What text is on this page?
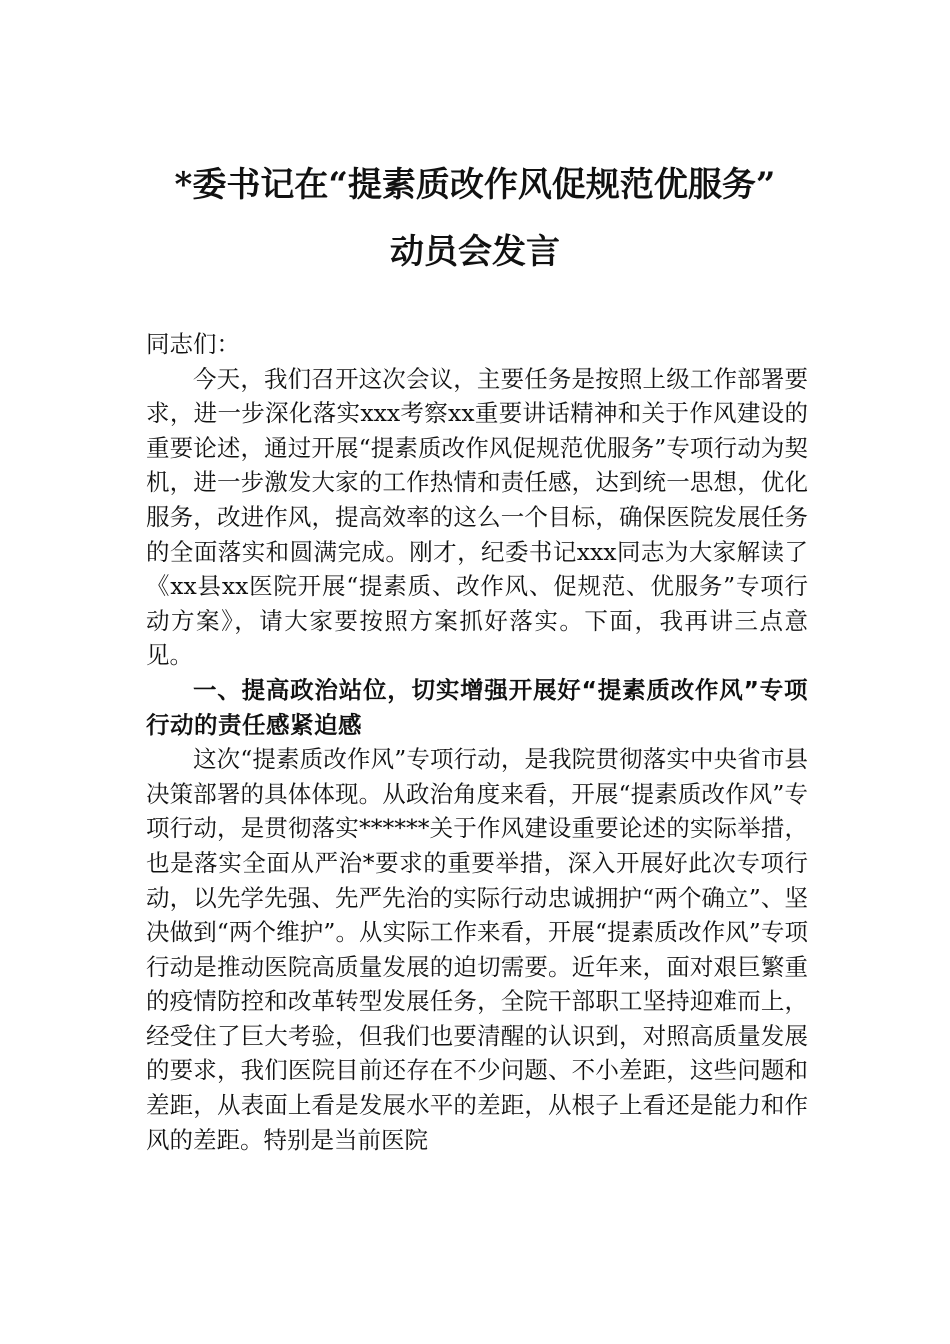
*委书记在“提素质改作风促规范优服务”
动员会发言

同志们：

今天，我们召开这次会议，主要任务是按照上级工作部署要求，进一步深化落实xxx考察xx重要讲话精神和关于作风建设的重要论述，通过开展“提素质改作风促规范优服务”专项行动为契机，进一步激发大家的工作热情和责任感，达到统一思想，优化服务，改进作风，提高效率的这么一个目标，确保医院发展任务的全面落实和圆满完成。刚才，纪委书记xxx同志为大家解读了《xx县xx医院开展“提素质、改作风、促规范、优服务”专项行动方案》，请大家要按照方案抓好落实。下面，我再讲三点意见。

一、提高政治站位，切实增强开展好“提素质改作风”专项行动的责任感紧迫感

这次“提素质改作风”专项行动，是我院贯彻落实中央省市县决策部署的具体体现。从政治角度来看，开展“提素质改作风”专项行动，是贯彻落实******关于作风建设重要论述的实际举措，也是落实全面从严治*要求的重要举措，深入开展好此次专项行动，以先学先强、先严先治的实际行动忠诚拥护“两个确立”、坚决做到“两个维护”。从实际工作来看，开展“提素质改作风”专项行动是推动医院高质量发展的迫切需要。近年来，面对艰巨繁重的疫情防控和改革转型发展任务，全院干部职工坚持迎难而上，经受住了巨大考验，但我们也要清醒的认识到，对照高质量发展的要求，我们医院目前还存在不少问题、不小差距，这些问题和差距，从表面上看是发展水平的差距，从根子上看还是能力和作风的差距。特别是当前医院
